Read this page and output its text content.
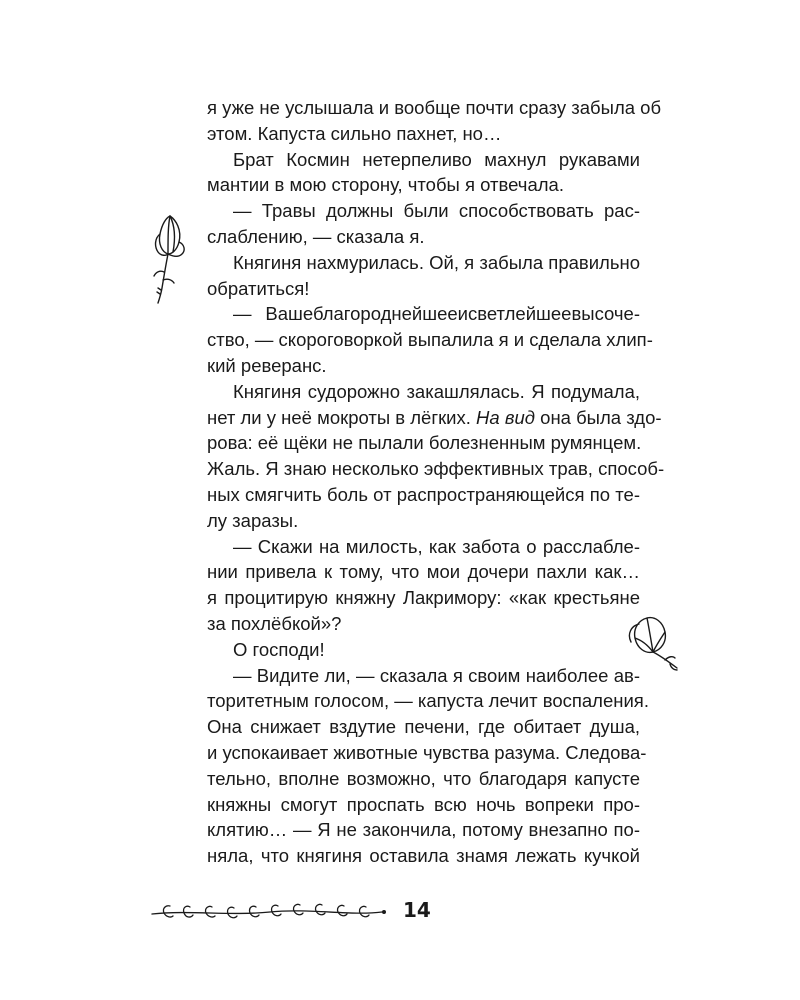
я уже не услышала и вообще почти сразу забыла об
этом. Капуста сильно пахнет, но…
Брат Космин нетерпеливо махнул рукавами
мантии в мою сторону, чтобы я отвечала.
— Травы должны были способствовать рас-
слаблению, — сказала я.
Княгиня нахмурилась. Ой, я забыла правильно
обратиться!
— Вашеблагороднейшееисветлейшеевысоче-
ство, — скороговоркой выпалила я и сделала хлип-
кий реверанс.
Княгиня судорожно закашлялась. Я подумала,
нет ли у неё мокроты в лёгких. На вид она была здо-
рова: её щёки не пылали болезненным румянцем.
Жаль. Я знаю несколько эффективных трав, способ-
ных смягчить боль от распространяющейся по те-
лу заразы.
— Скажи на милость, как забота о расслабле-
нии привела к тому, что мои дочери пахли как…
я процитирую княжну Лакримору: «как крестьяне
за похлёбкой»?
О господи!
— Видите ли, — сказала я своим наиболее ав-
торитетным голосом, — капуста лечит воспаления.
Она снижает вздутие печени, где обитает душа,
и успокаивает животные чувства разума. Следова-
тельно, вполне возможно, что благодаря капусте
княжны смогут проспать всю ночь вопреки про-
клятию… — Я не закончила, потому внезапно по-
няла, что княгиня оставила знамя лежать кучкой
14
